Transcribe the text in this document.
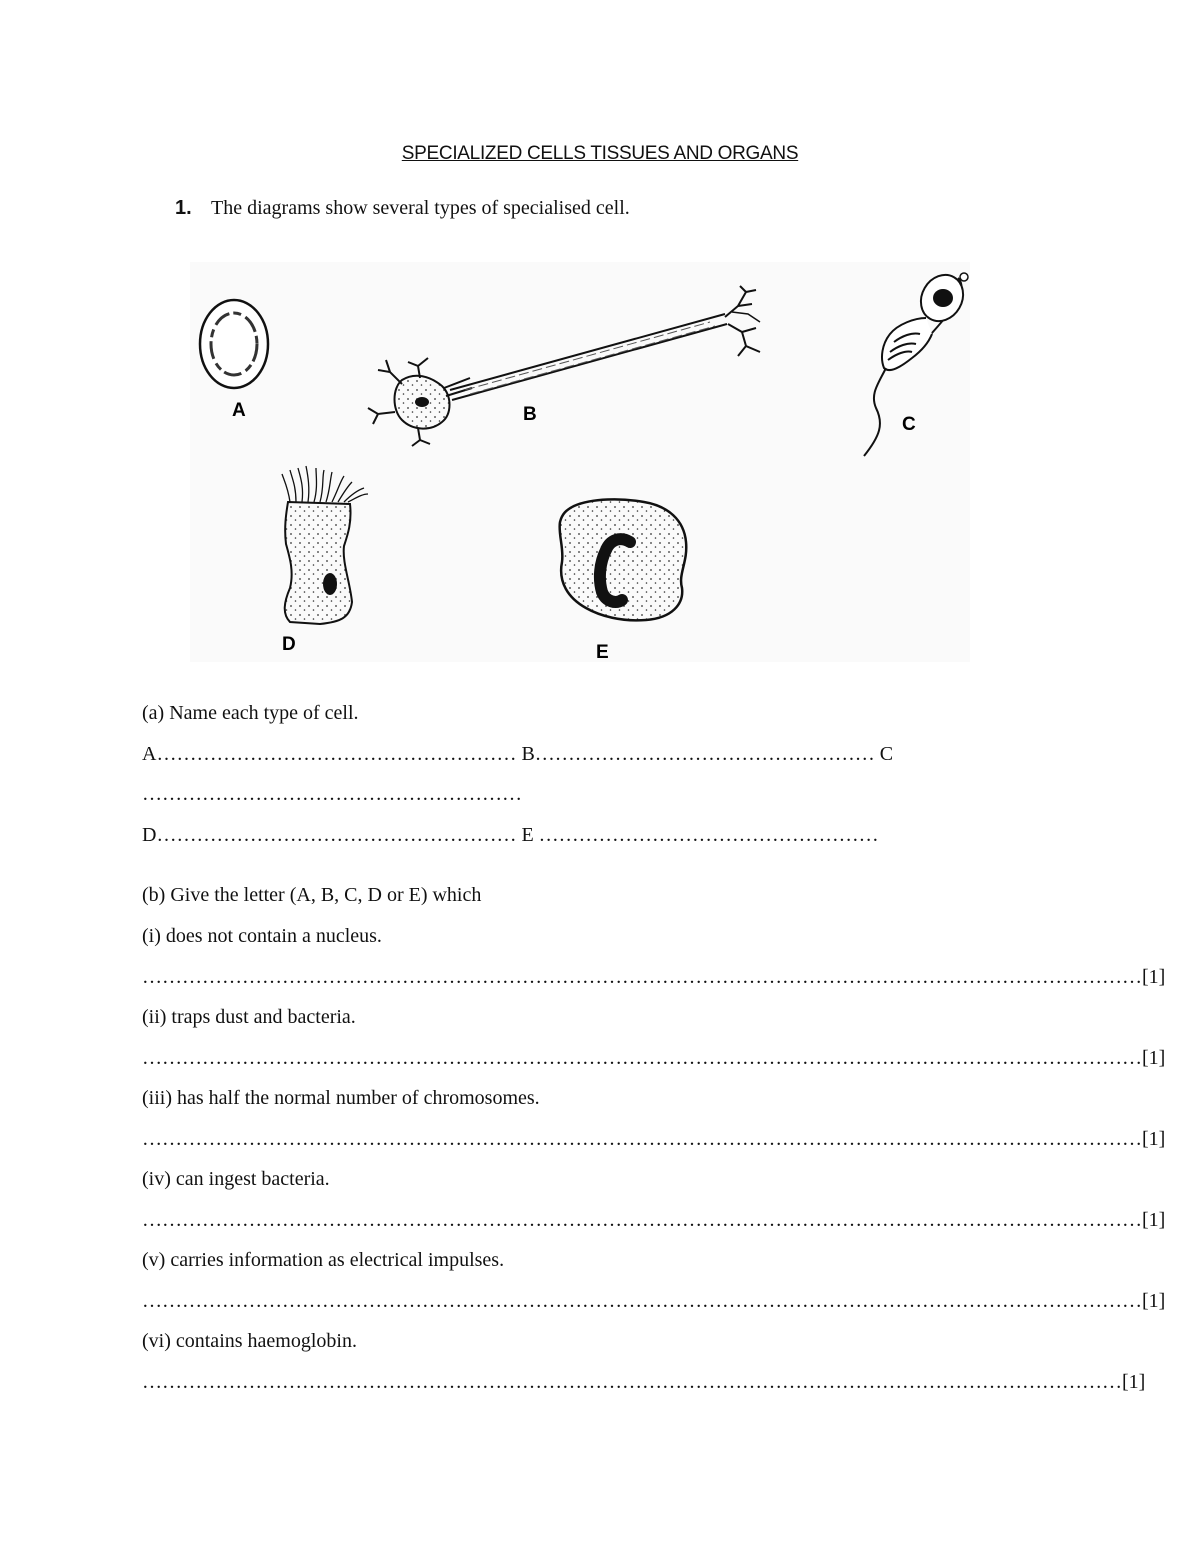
SPECIALIZED CELLS TISSUES AND ORGANS
1. The diagrams show several types of specialised cell.
A	B	C
D	E
(a) Name each type of cell.
A……………………………………………… B…………………………………………… C
…………………………………………………
D……………………………………………… E ……………………………………………
(b) Give the letter (A, B, C, D or E) which
(i) does not contain a nucleus.
……………………………………………………………………………………………………………………………………[1]
(ii) traps dust and bacteria.
……………………………………………………………………………………………………………………………………[1]
(iii) has half the normal number of chromosomes.
……………………………………………………………………………………………………………………………………[1]
(iv) can ingest bacteria.
……………………………………………………………………………………………………………………………………[1]
(v) carries information as electrical impulses.
……………………………………………………………………………………………………………………………………[1]
(vi) contains haemoglobin.
…………………………………………………………………………………………………………………………………[1]
